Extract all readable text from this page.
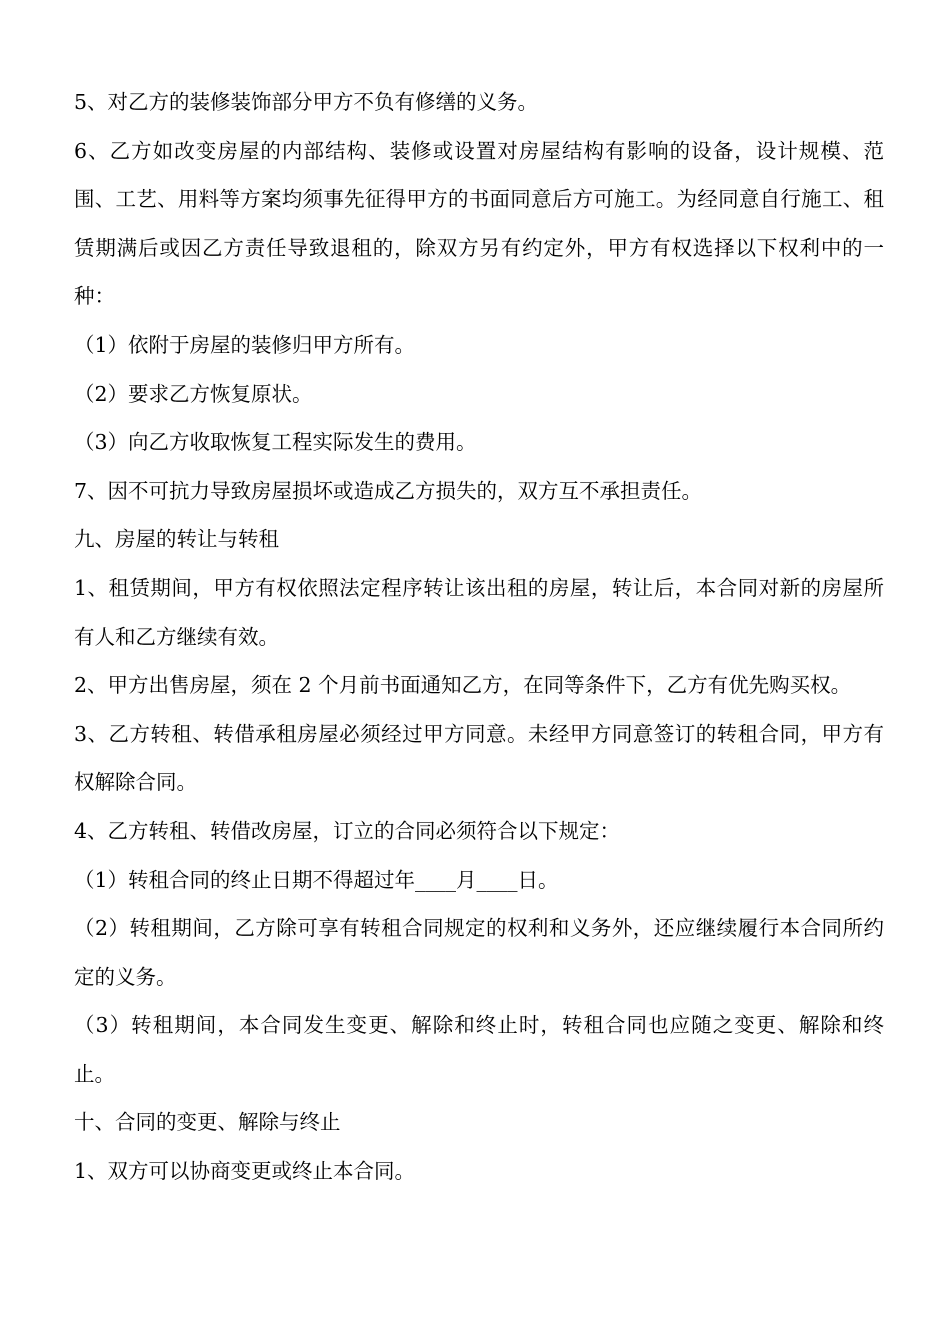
5、对乙方的装修装饰部分甲方不负有修缮的义务。

6、乙方如改变房屋的内部结构、装修或设置对房屋结构有影响的设备，设计规模、范围、工艺、用料等方案均须事先征得甲方的书面同意后方可施工。为经同意自行施工、租赁期满后或因乙方责任导致退租的，除双方另有约定外，甲方有权选择以下权利中的一种：

（1）依附于房屋的装修归甲方所有。

（2）要求乙方恢复原状。

（3）向乙方收取恢复工程实际发生的费用。

7、因不可抗力导致房屋损坏或造成乙方损失的，双方互不承担责任。

九、房屋的转让与转租

1、租赁期间，甲方有权依照法定程序转让该出租的房屋，转让后，本合同对新的房屋所有人和乙方继续有效。

2、甲方出售房屋，须在 2 个月前书面通知乙方，在同等条件下，乙方有优先购买权。

3、乙方转租、转借承租房屋必须经过甲方同意。未经甲方同意签订的转租合同，甲方有权解除合同。

4、乙方转租、转借改房屋，订立的合同必须符合以下规定：

（1）转租合同的终止日期不得超过年____月____日。

（2）转租期间，乙方除可享有转租合同规定的权利和义务外，还应继续履行本合同所约定的义务。

（3）转租期间，本合同发生变更、解除和终止时，转租合同也应随之变更、解除和终止。

十、合同的变更、解除与终止

1、双方可以协商变更或终止本合同。
